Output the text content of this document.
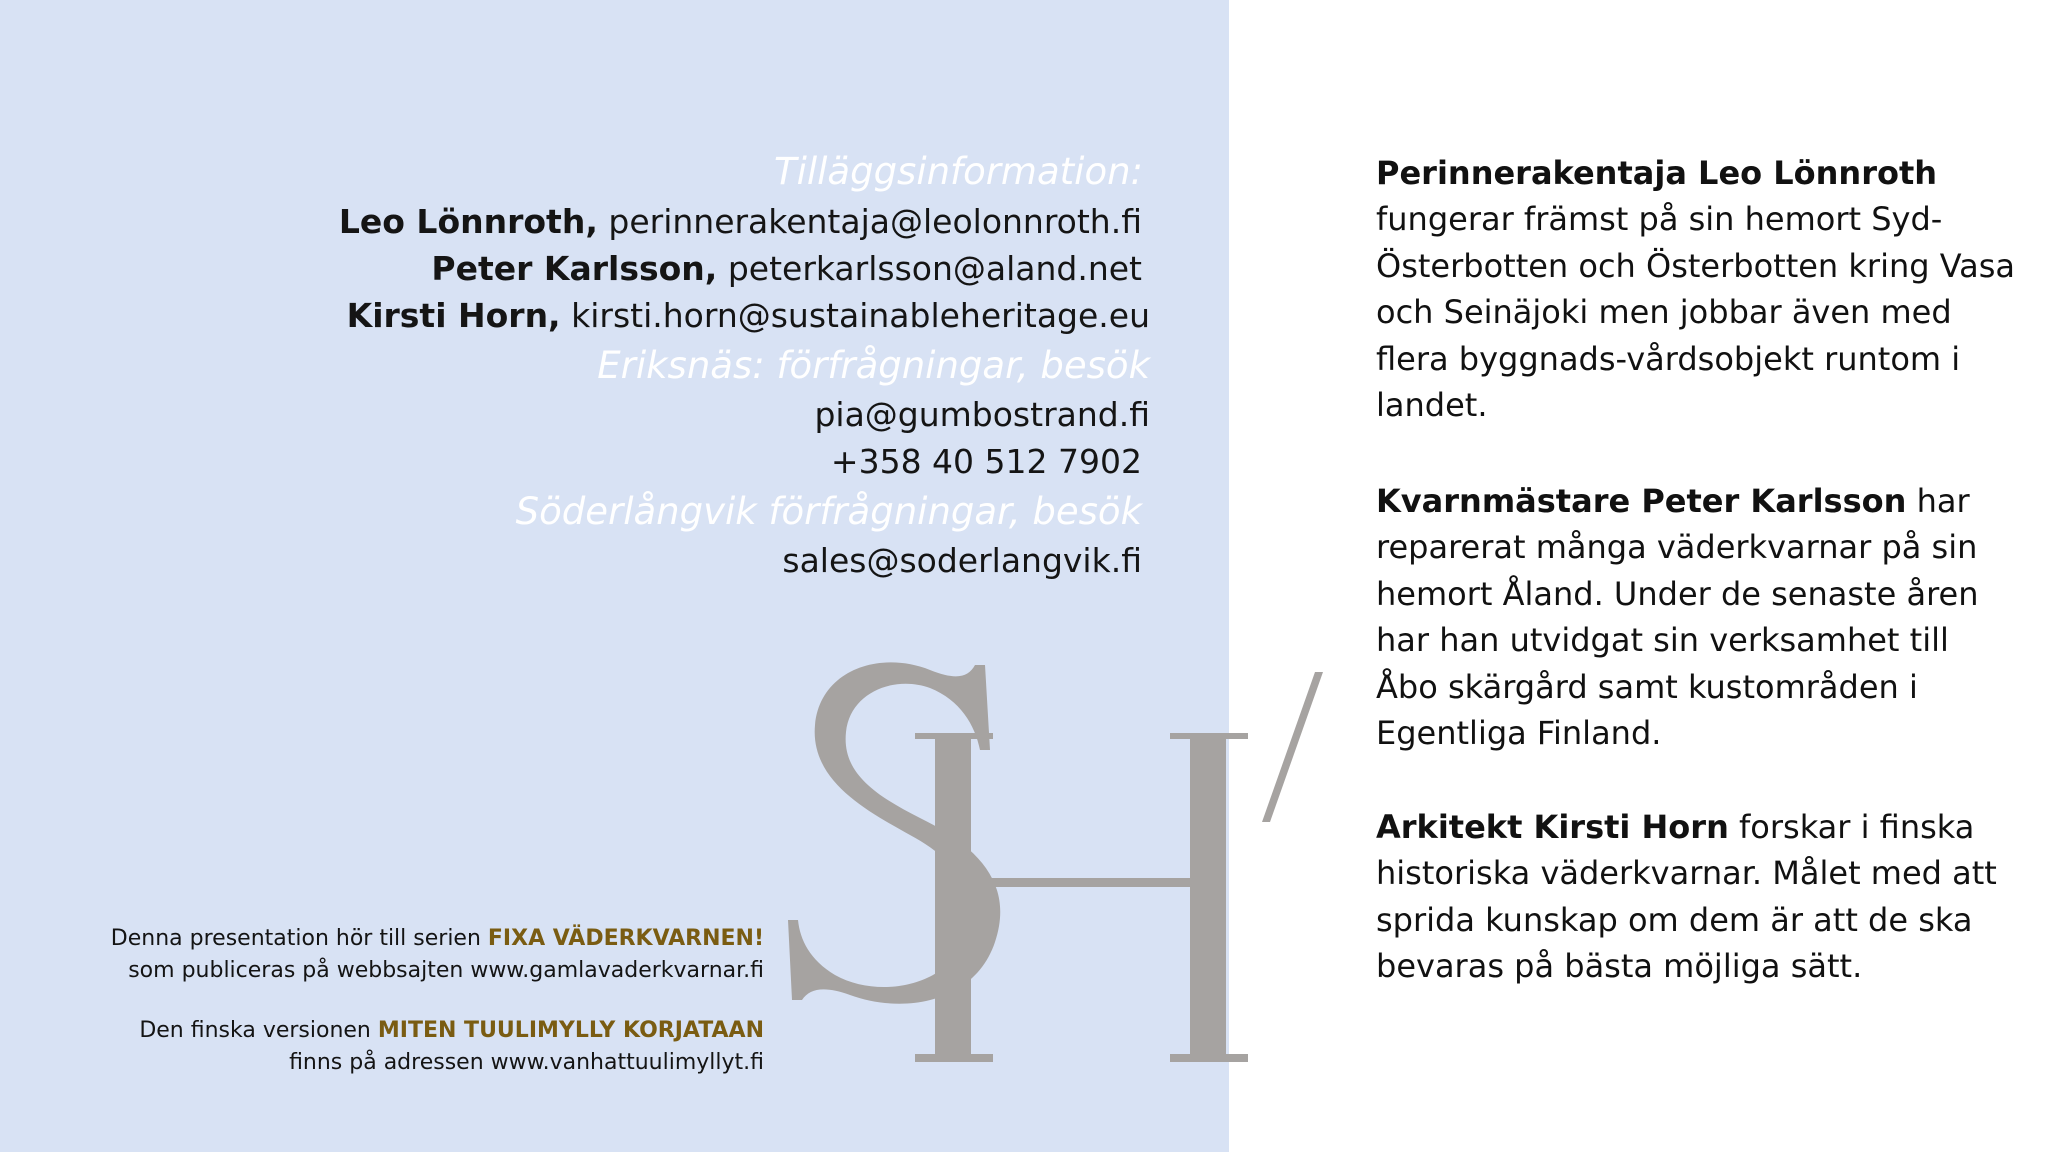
Tilläggsinformation:
Leo Lönnroth, perinnerakentaja@leolonnroth.fi
Peter Karlsson, peterkarlsson@aland.net
Kirsti Horn, kirsti.horn@sustainableheritage.eu
Eriksnäs: förfrågningar, besök
pia@gumbostrand.fi
+358 40 512 7902
Söderlångvik förfrågningar, besök
sales@soderlangvik.fi
Denna presentation hör till serien FIXA VÄDERKVARNEN!
som publiceras på webbsajten www.gamlavaderkvarnar.fi
Den finska versionen MITEN TUULIMYLLY KORJATAAN
finns på adressen www.vanhattuulimyllyt.fi
Perinnerakentaja Leo Lönnroth
fungerar främst på sin hemort Syd-Österbotten och Österbotten kring Vasa och Seinäjoki men jobbar även med flera byggnads-vårdsobjekt runtom i landet.
Kvarnmästare Peter Karlsson har reparerat många väderkvarnar på sin hemort Åland. Under de senaste åren har han utvidgat sin verksamhet till Åbo skärgård samt kustområden i Egentliga Finland.
Arkitekt Kirsti Horn forskar i finska historiska väderkvarnar. Målet med att sprida kunskap om dem är att de ska bevaras på bästa möjliga sätt.
